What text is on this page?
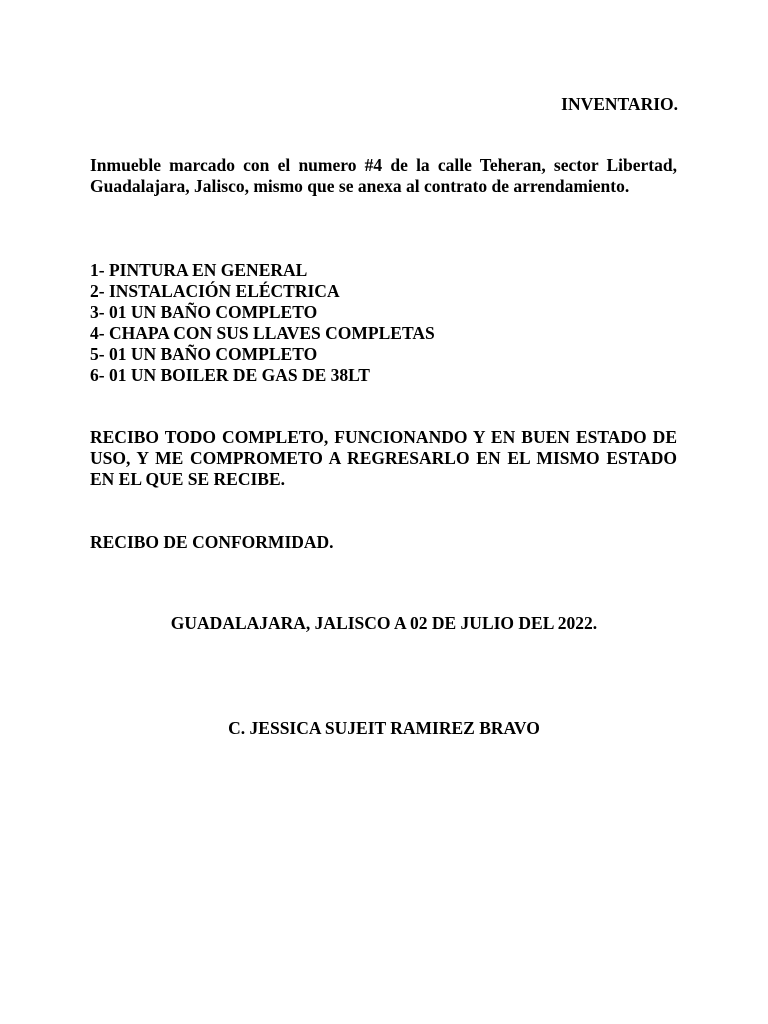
INVENTARIO.

Inmueble marcado con el numero #4 de la calle Teheran, sector Libertad,
Guadalajara, Jalisco, mismo que se anexa al contrato de arrendamiento.

1- PINTURA EN GENERAL
2- INSTALACIÓN ELÉCTRICA
3- 01 UN BAÑO COMPLETO
4- CHAPA CON SUS LLAVES COMPLETAS
5- 01 UN BAÑO COMPLETO
6- 01 UN BOILER DE GAS DE 38LT

RECIBO TODO COMPLETO, FUNCIONANDO Y EN BUEN ESTADO DE
USO, Y ME COMPROMETO A REGRESARLO EN EL MISMO ESTADO
EN EL QUE SE RECIBE.

RECIBO DE CONFORMIDAD.

GUADALAJARA, JALISCO A 02 DE JULIO DEL 2022.

C. JESSICA SUJEIT RAMIREZ BRAVO
